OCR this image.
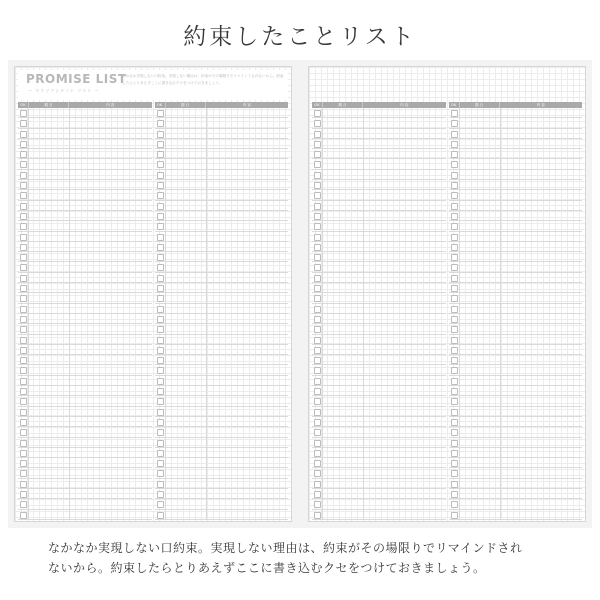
約束したことリスト
PROMISE LIST
〜 ヤクソクシタコト リスト 〜
おかなか実現しない口約束。実現しない理由は、約束がその場限りでリマインドされないから。約束したらとりあえずここに書き込むクセをつけておきましょう。
OK	期 日	内 容	OK	期 日	内 容	OK	期 日	内 容	OK	期 日	内 容
なかなか実現しない口約束。実現しない理由は、約束がその場限りでリマインドされ
ないから。約束したらとりあえずここに書き込むクセをつけておきましょう。
